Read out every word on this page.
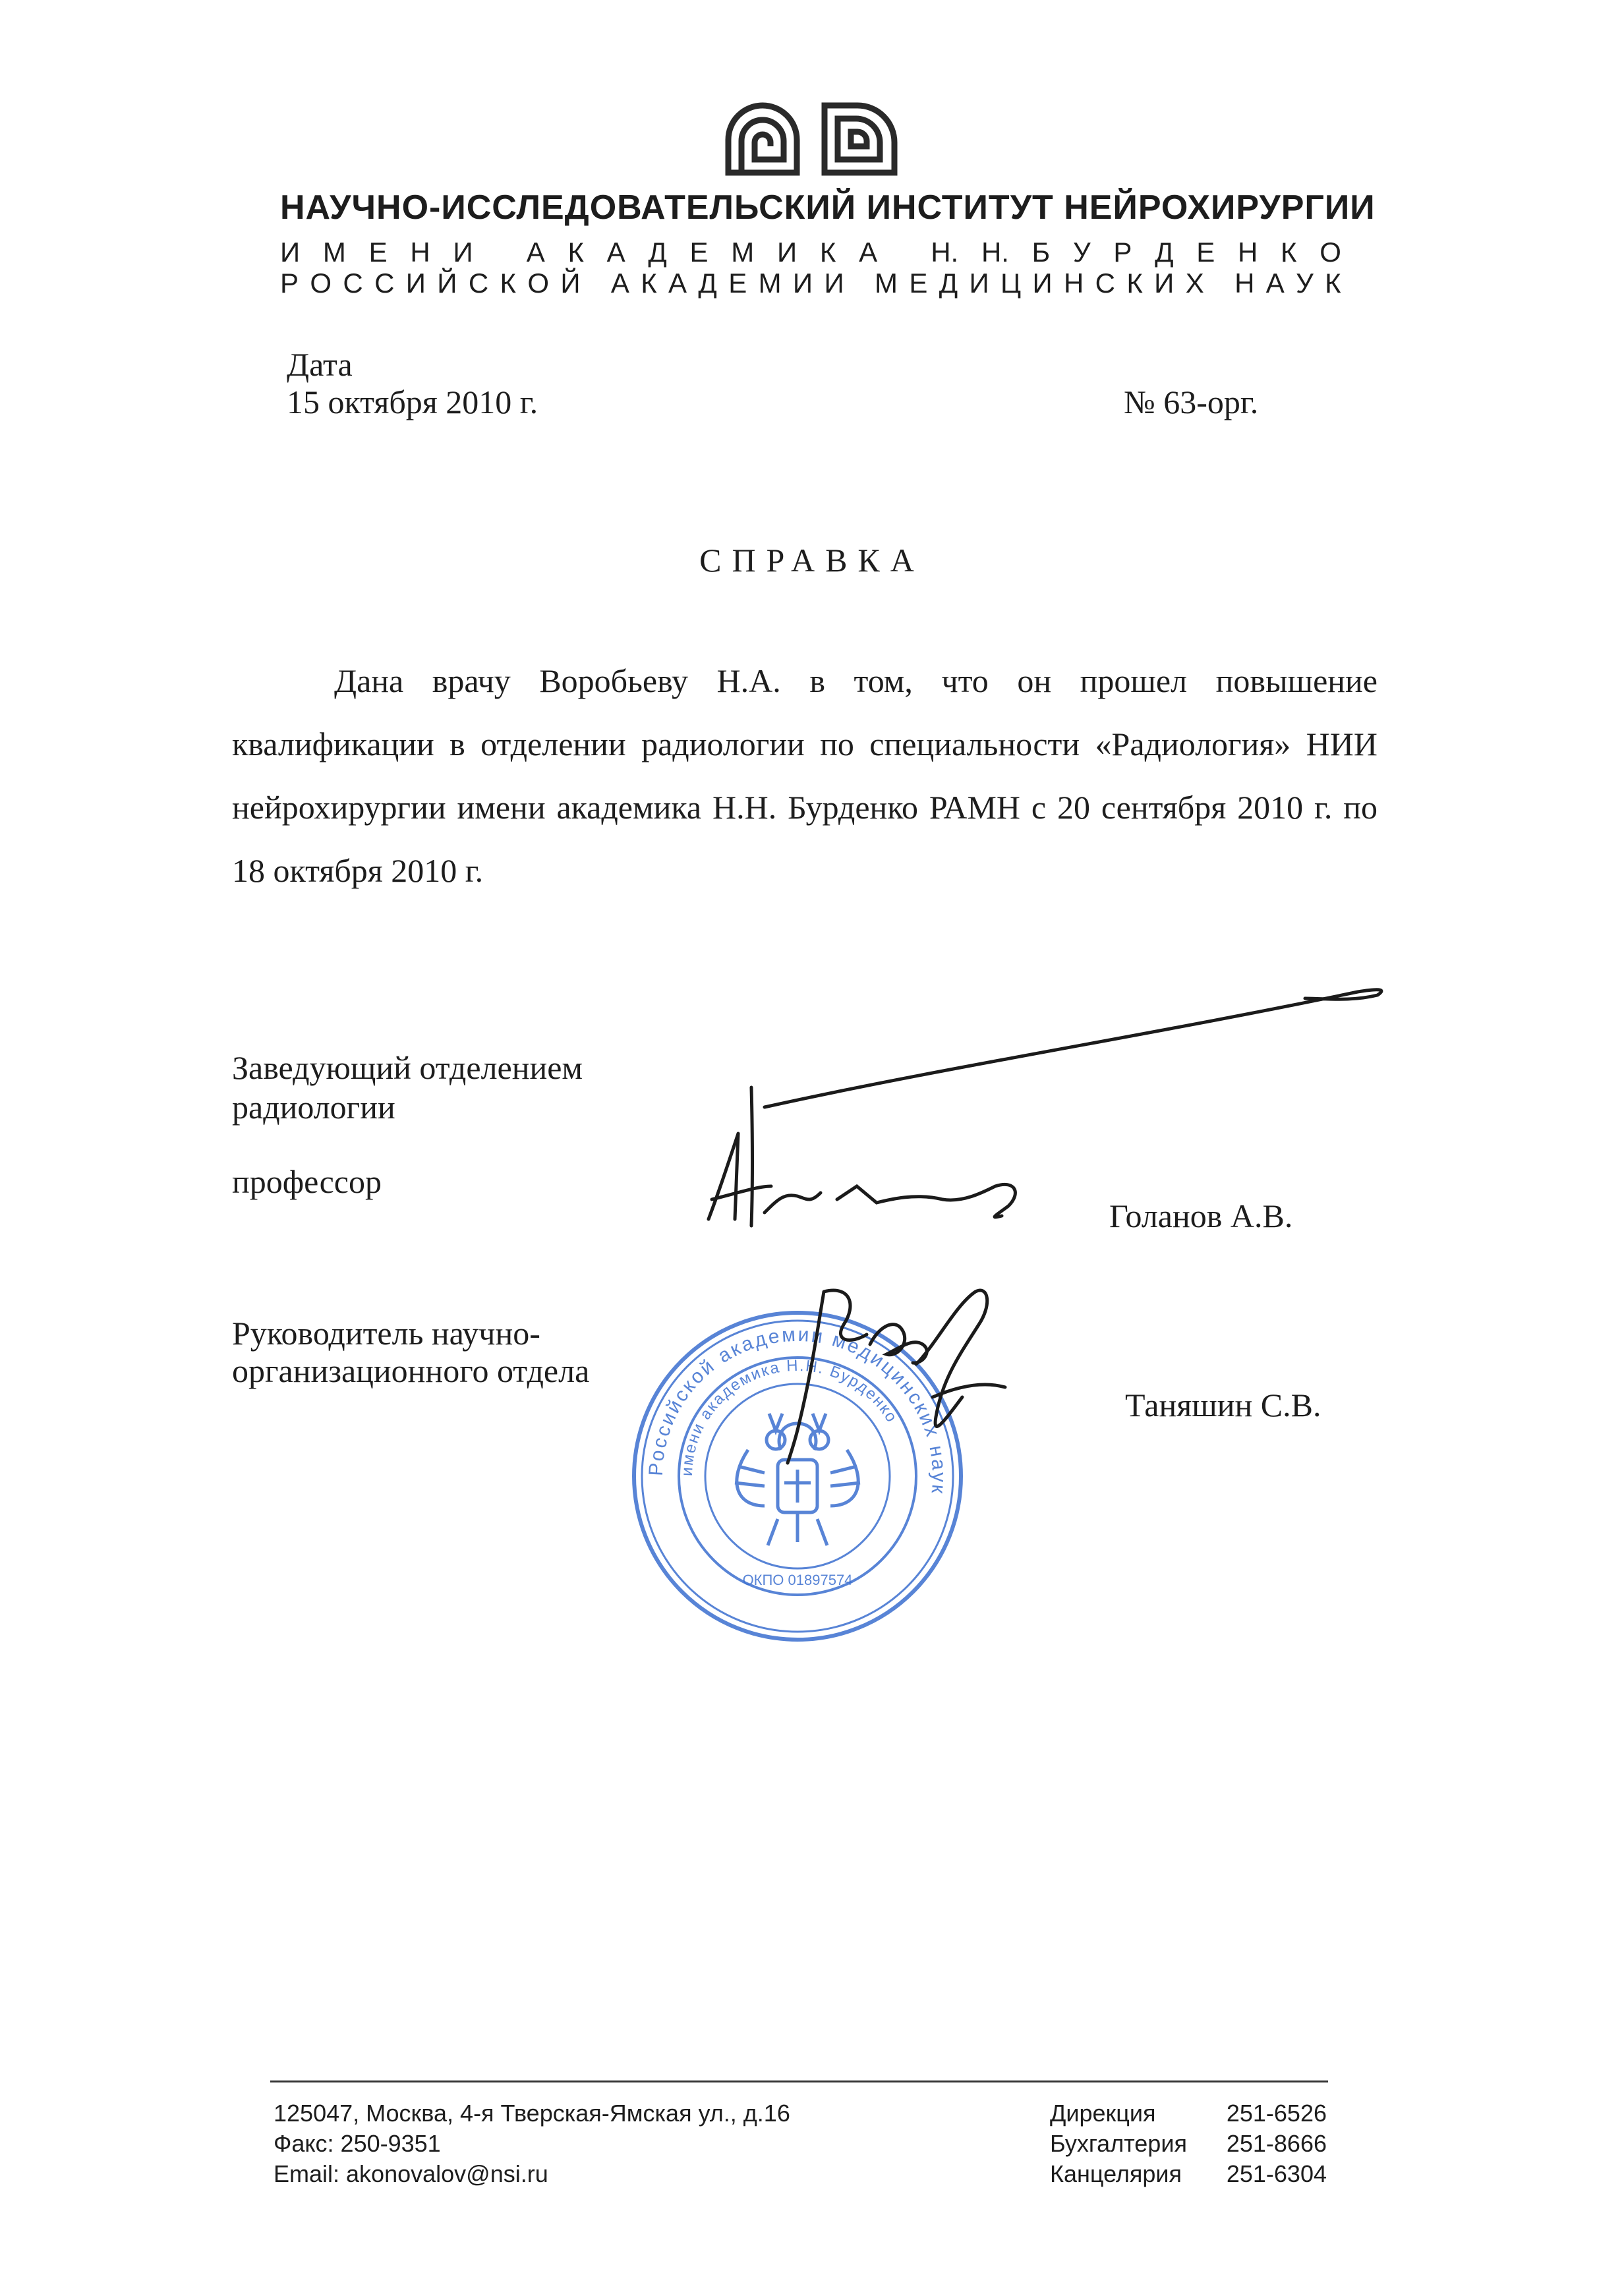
НАУЧНО-ИССЛЕДОВАТЕЛЬСКИЙ ИНСТИТУТ НЕЙРОХИРУРГИИ
И М Е Н И
А К А Д Е М И К А
Н. Н. Б У Р Д Е Н К О
Р О С С И Й С К О Й
А К А Д Е М И И
М Е Д И Ц И Н С К И Х
Н А У К
Дата
15 октября 2010 г.	№ 63-орг.
СПРАВКА

Дана врачу Воробьеву Н.А. в том, что он прошел повышение квалификации в отделении радиологии по специальности «Радиология» НИИ нейрохирургии имени академика Н.Н. Бурденко РАМН с 20 сентября 2010 г. по 18 октября 2010 г.

Российской академии медицинских наук
имени академика Н.Н. Бурденко
ОКПО 01897574
Заведующий отделением
радиологии
профессор
Голанов А.В.
Руководитель научно-
организационного отдела
Таняшин С.В.
125047, Москва, 4-я Тверская-Ямская ул., д.16
Факс: 250-9351
Email: akonovalov@nsi.ru
Дирекция	251-6526
Бухгалтерия 251-8666
Канцелярия 251-6304
